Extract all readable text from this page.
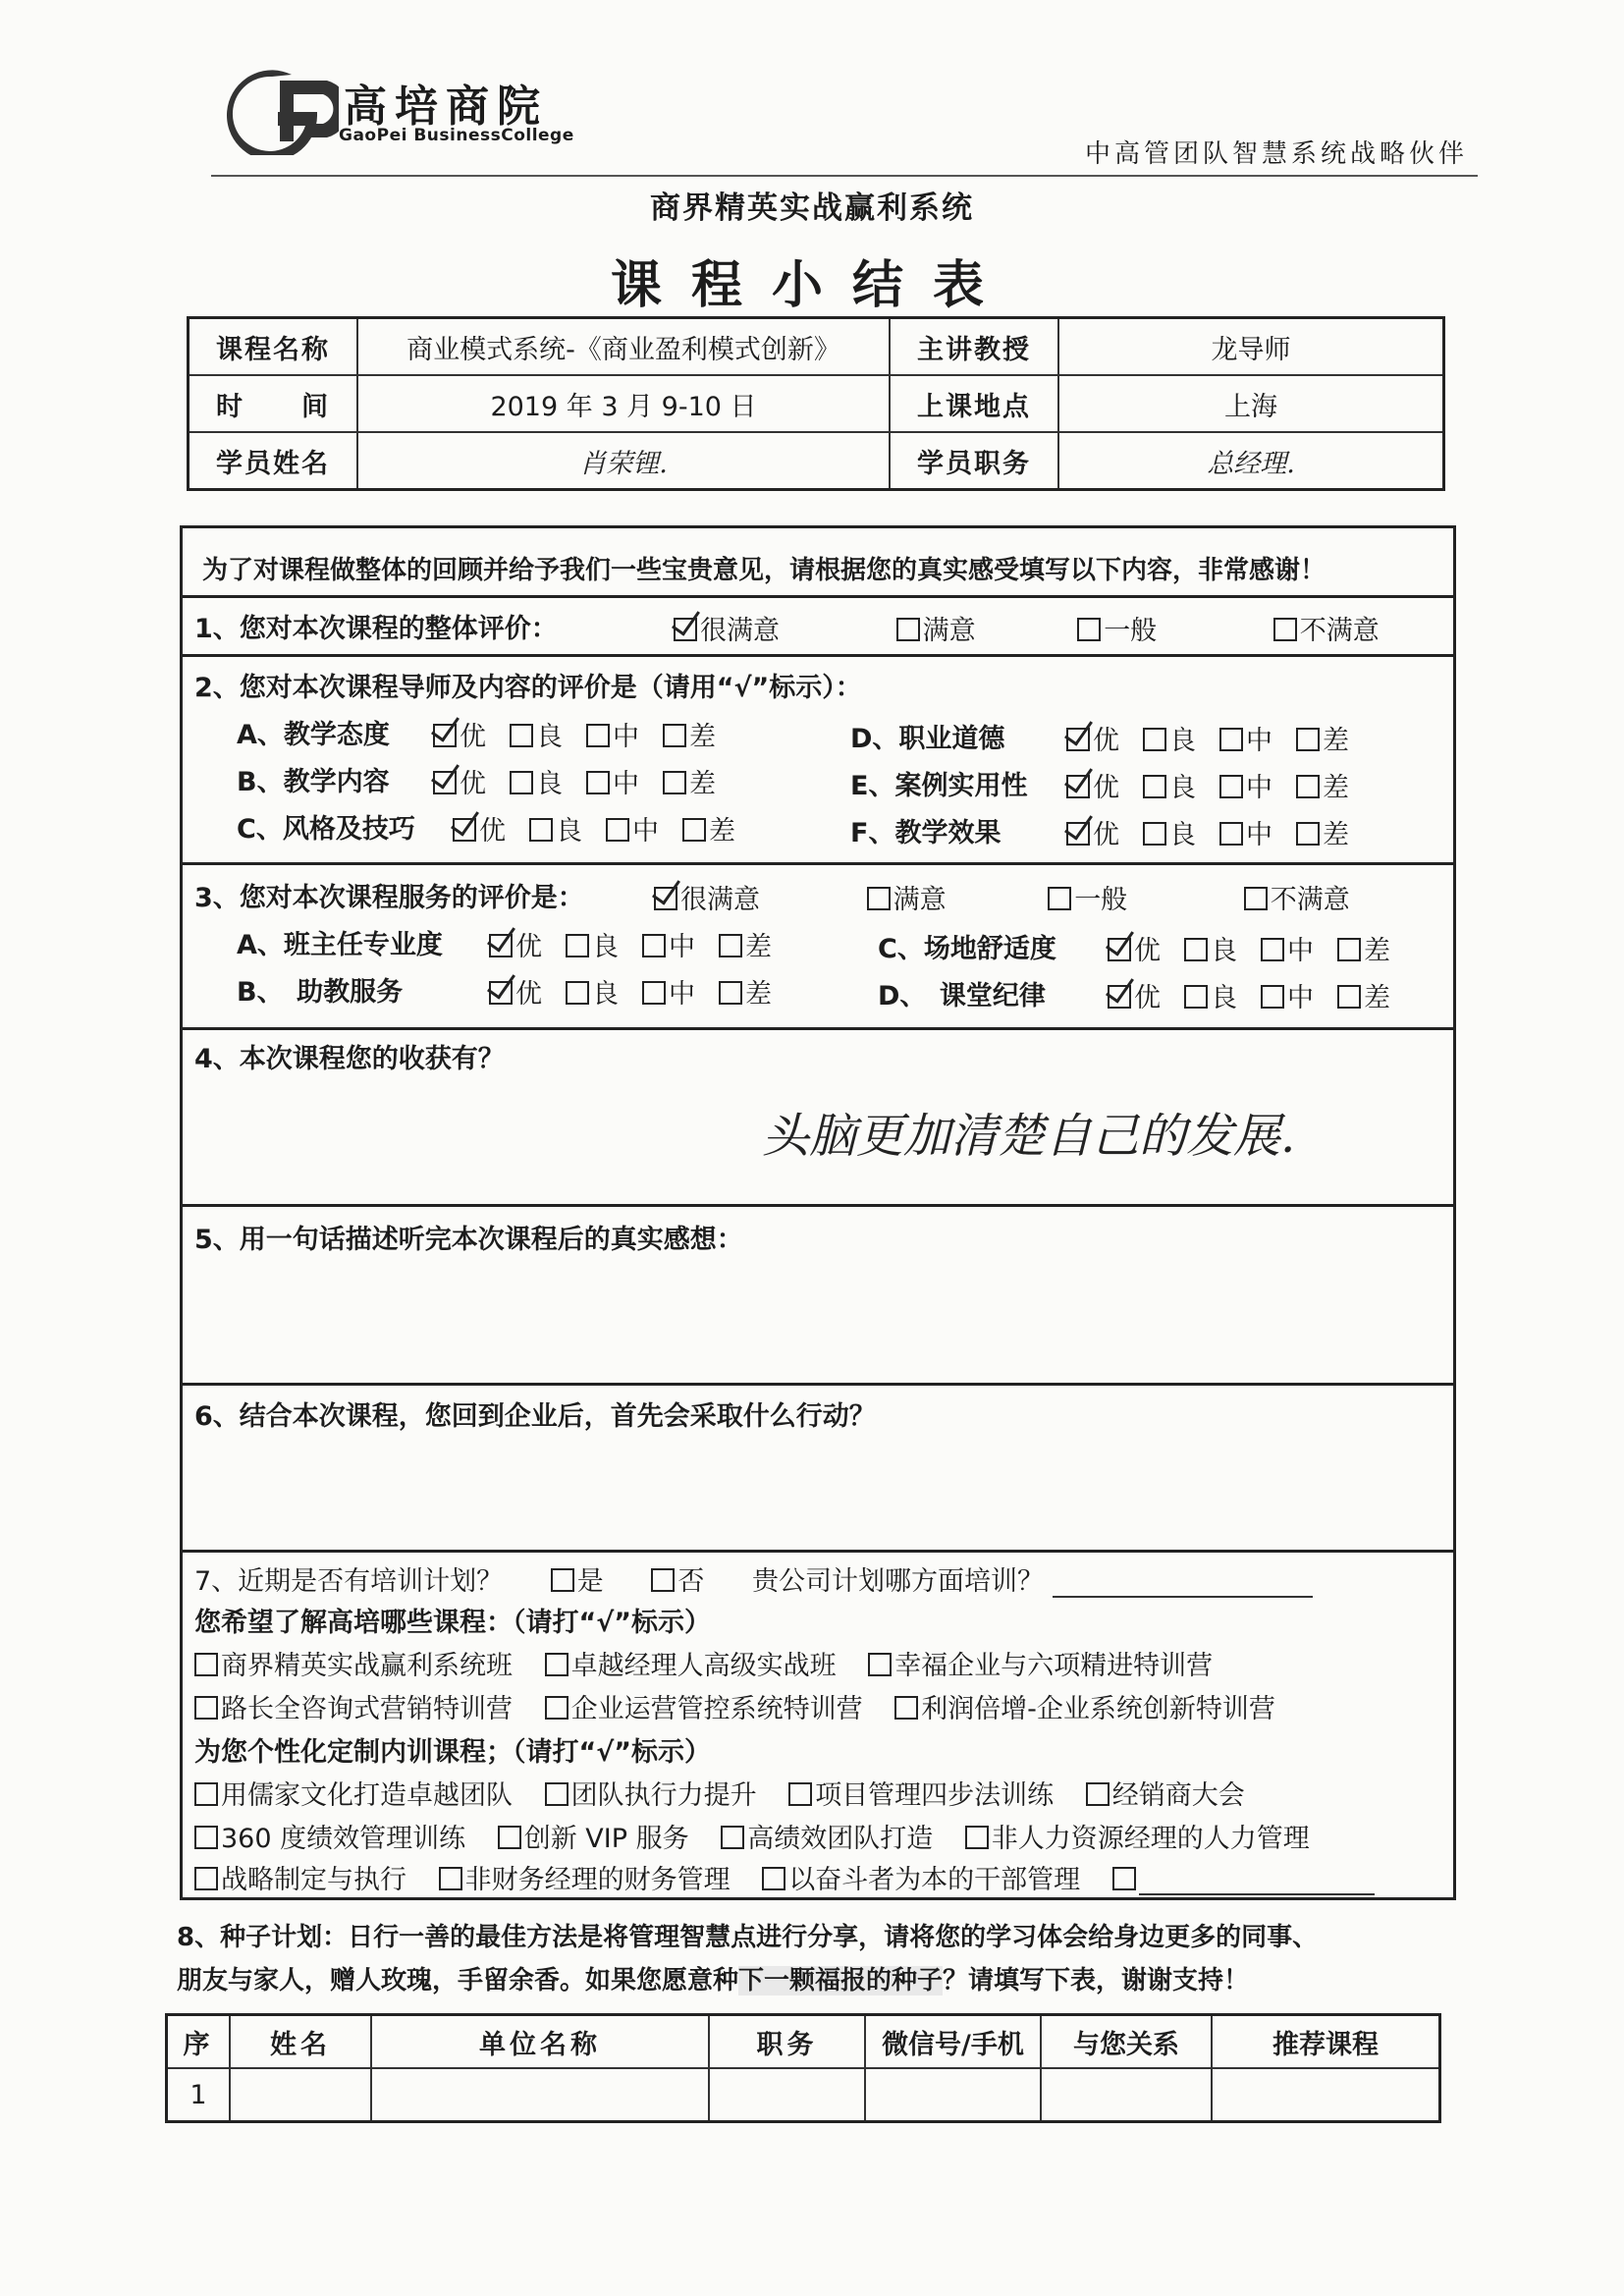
高培商院
GaoPei BusinessCollege
中高管团队智慧系统战略伙伴
商界精英实战赢利系统
课程小结表
课程名称	商业模式系统-《商业盈利模式创新》	主讲教授	龙导师
时　　间	2019 年 3 月 9-10 日	上课地点	上海
学员姓名	肖荣锂.	学员职务	总经理.
为了对课程做整体的回顾并给予我们一些宝贵意见，请根据您的真实感受填写以下内容，非常感谢！
1、您对本次课程的整体评价：	很满意	满意	一般	不满意
2、您对本次课程导师及内容的评价是（请用“√”标示）：
A、教学态度	优 良 中 差	D、职业道德	优 良 中 差
B、教学内容	优 良 中 差	E、案例实用性	优 良 中 差
C、风格及技巧	优 良 中 差	F、教学效果	优 良 中 差
3、您对本次课程服务的评价是：	很满意	满意	一般	不满意
A、班主任专业度	优 良 中 差	C、场地舒适度	优 良 中 差
B、　助教服务	优 良 中 差	D、　课堂纪律	优 良 中 差
4、本次课程您的收获有？
头脑更加清楚自己的发展.
5、用一句话描述听完本次课程后的真实感想：
6、结合本次课程，您回到企业后，首先会采取什么行动？
7、近期是否有培训计划？	是	否 贵公司计划哪方面培训？
您希望了解高培哪些课程：（请打“√”标示）
商界精英实战赢利系统班 卓越经理人高级实战班 幸福企业与六项精进特训营
路长全咨询式营销特训营 企业运营管控系统特训营 利润倍增-企业系统创新特训营
为您个性化定制内训课程；（请打“√”标示）
用儒家文化打造卓越团队 团队执行力提升 项目管理四步法训练 经销商大会
360 度绩效管理训练 创新 VIP 服务 高绩效团队打造 非人力资源经理的人力管理
战略制定与执行 非财务经理的财务管理 以奋斗者为本的干部管理
8、种子计划：日行一善的最佳方法是将管理智慧点进行分享，请将您的学习体会给身边更多的同事、
朋友与家人，赠人玫瑰，手留余香。如果您愿意种下一颗福报的种子？请填写下表，谢谢支持！
序	姓名	单位名称	职务	微信号/手机	与您关系	推荐课程
1						
